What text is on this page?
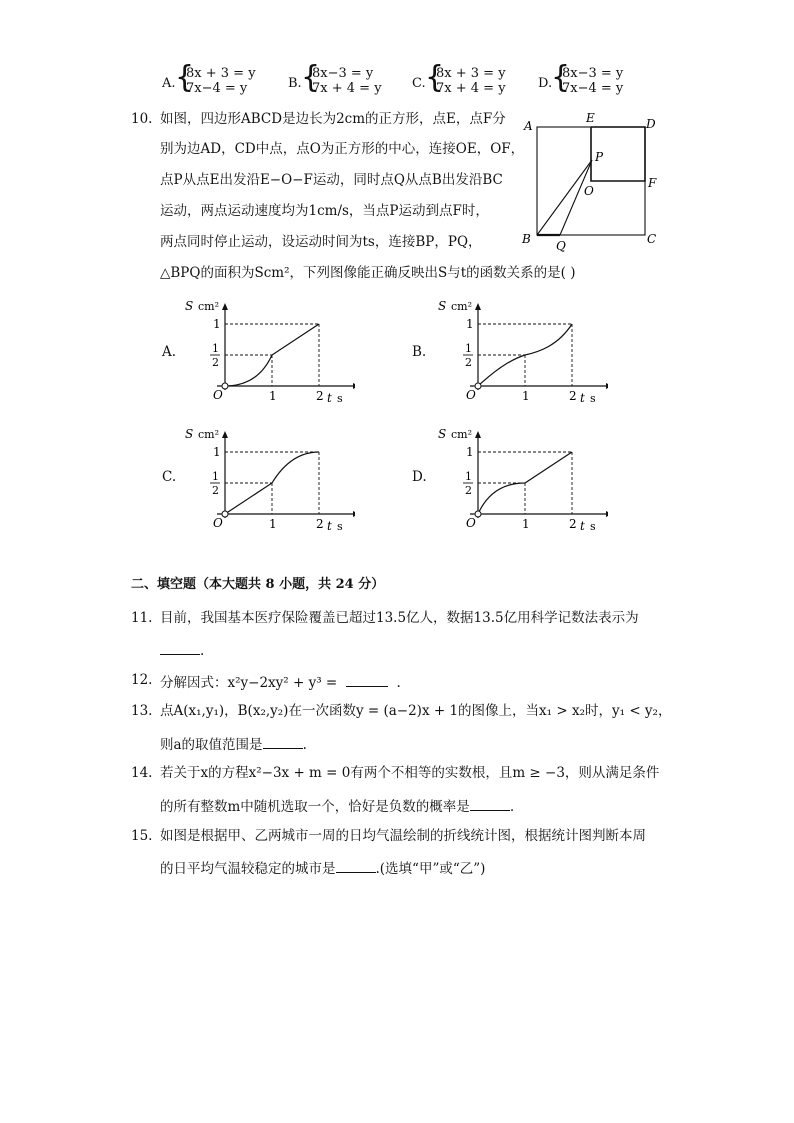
A. {
8x + 3 = y
7x−4 = y	B. {
8x−3 = y
7x + 4 = y C. {
8x + 3 = y
7x + 4 = y D.
{
8x−3 = y
7x−4 = y
10. 如图，四边形ABCD是边长为2cm的正方形，点E，点F分
别为边AD，CD中点，点O为正方形的中心，连接OE，OF，
点P从点E出发沿E−O−F运动，同时点Q从点B出发沿BC
运动，两点运动速度均为1cm/s，当点P运动到点F时，
两点同时停止运动，设运动时间为ts，连接BP，PQ，
△BPQ的面积为Scm²，下列图像能正确反映出S与t的函数关系的是( )
A
E	D
P
O
F
B Q	C
A.	B.
C.	D.
S cm²
1
1
2
O	1	2 t s
S cm²
1
1
2
O	1	2 t s
S cm²
1
1
2
O	1	2 t s
S cm²
1
1
2
O	1	2 t s
二、填空题（本大题共 8 小题，共 24 分）
11. 目前，我国基本医疗保险覆盖已超过13.5亿人，数据13.5亿用科学记数法表示为
.
12. 分解因式：x²y−2xy² + y³ =	.
13. 点A(x₁,y₁)，B(x₂,y₂)在一次函数y = (a−2)x + 1的图像上，当x₁ > x₂时，y₁ < y₂，
则a的取值范围是	.
14. 若关于x的方程x²−3x + m = 0有两个不相等的实数根，且m ≥ −3，则从满足条件
的所有整数m中随机选取一个，恰好是负数的概率是	.
15. 如图是根据甲、乙两城市一周的日均气温绘制的折线统计图，根据统计图判断本周
的日平均气温较稳定的城市是	.(选填“甲”或“乙”)
